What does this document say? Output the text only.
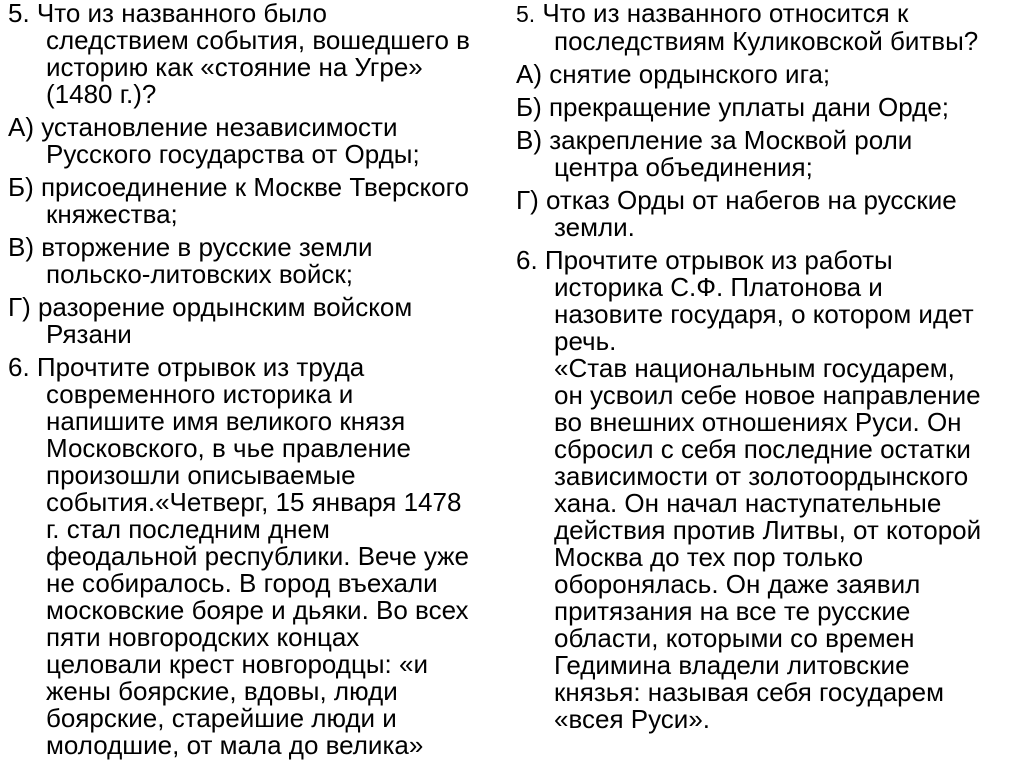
5. Что из названного было
следствием события, вошедшего в
историю как «стояние на Угре»
(1480 г.)?

А) установление независимости
Русского государства от Орды;

Б) присоединение к Москве Тверского
княжества;

В) вторжение в русские земли
польско-литовских войск;

Г) разорение ордынским войском
Рязани

6. Прочтите отрывок из труда
современного историка и
напишите имя великого князя
Московского, в чье правление
произошли описываемые
события.«Четверг, 15 января 1478
г. стал последним днем
феодальной республики. Вече уже
не собиралось. В город въехали
московские бояре и дьяки. Во всех
пяти новгородских концах
целовали крест новгородцы: «и
жены боярские, вдовы, люди
боярские, старейшие люди и
молодшие, от мала до велика»

5. Что из названного относится к
последствиям Куликовской битвы?

А) снятие ордынского ига;

Б) прекращение уплаты дани Орде;

В) закрепление за Москвой роли
центра объединения;

Г) отказ Орды от набегов на русские
земли.

6. Прочтите отрывок из работы
историка С.Ф. Платонова и
назовите государя, о котором идет
речь.

«Став национальным государем,
он усвоил себе новое направление
во внешних отношениях Руси. Он
сбросил с себя последние остатки
зависимости от золотоордынского
хана. Он начал наступательные
действия против Литвы, от которой
Москва до тех пор только
оборонялась. Он даже заявил
притязания на все те русские
области, которыми со времен
Гедимина владели литовские
князья: называя себя государем
«всея Руси».
